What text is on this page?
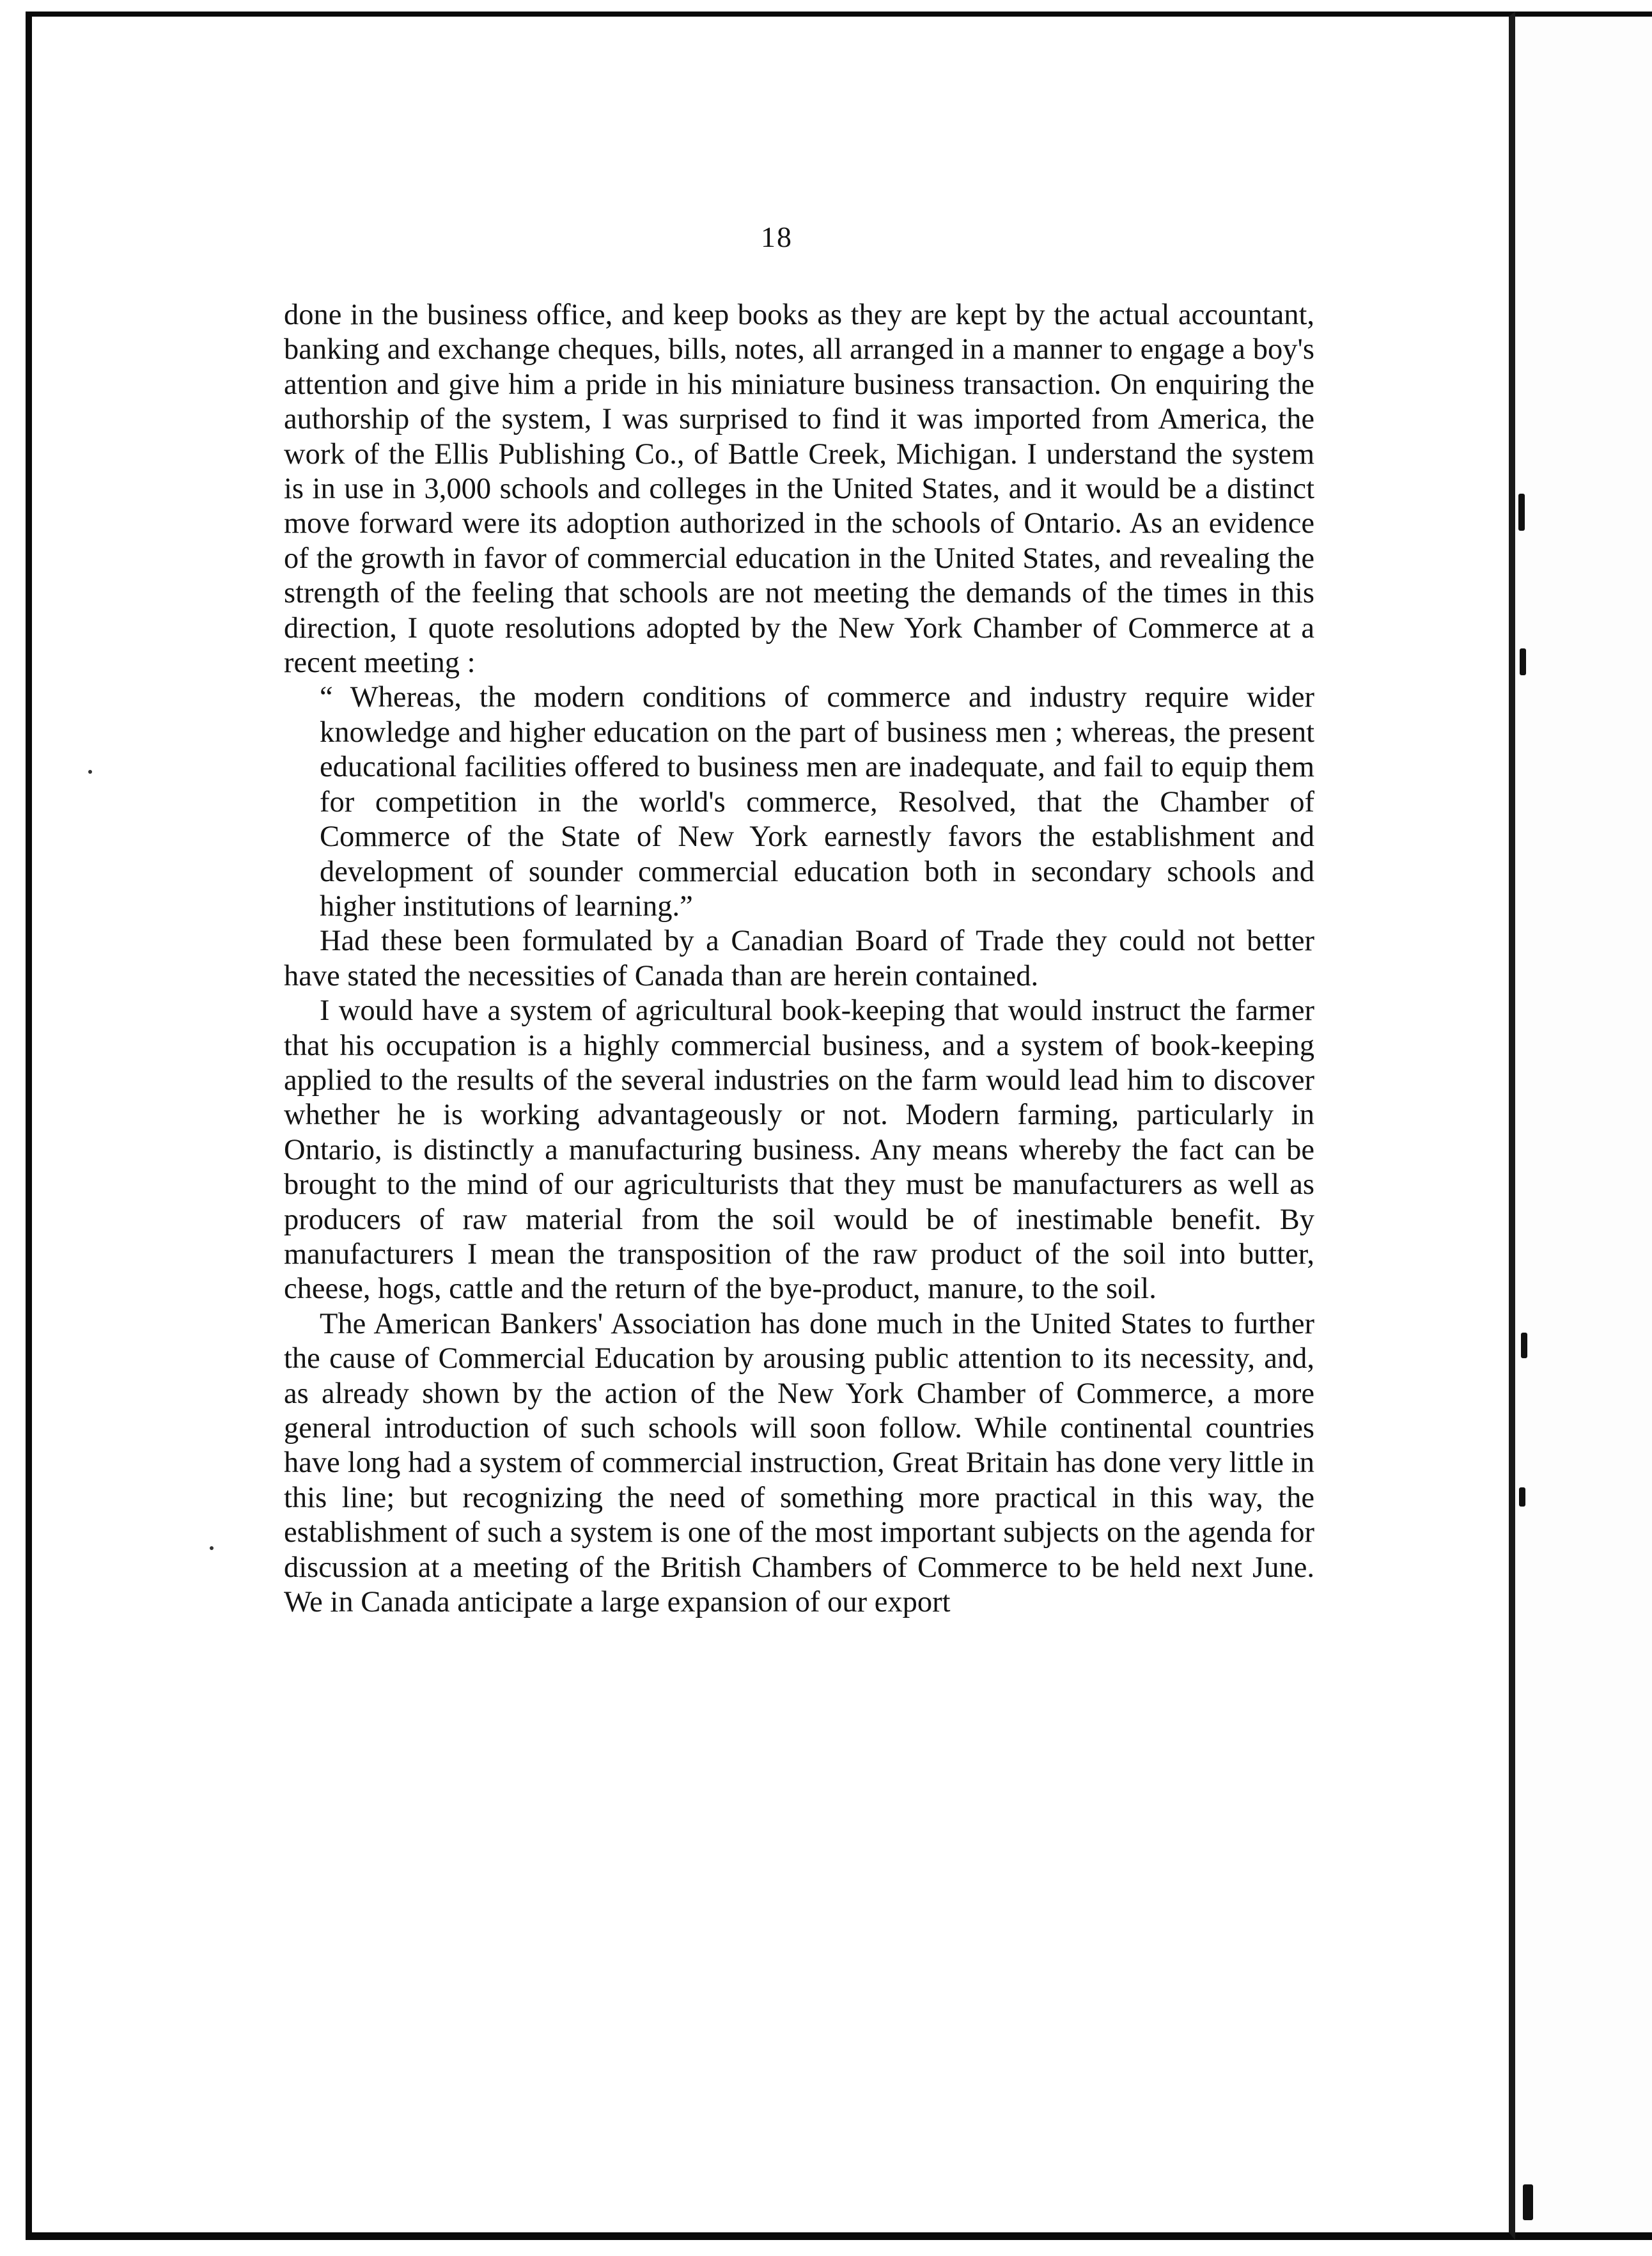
18

done in the business office, and keep books as they are kept by the actual accountant, banking and exchange cheques, bills, notes, all arranged in a manner to engage a boy's attention and give him a pride in his miniature business transaction. On enquiring the authorship of the system, I was surprised to find it was imported from America, the work of the Ellis Publishing Co., of Battle Creek, Michigan. I understand the system is in use in 3,000 schools and colleges in the United States, and it would be a distinct move forward were its adoption authorized in the schools of Ontario. As an evidence of the growth in favor of commercial education in the United States, and revealing the strength of the feeling that schools are not meeting the demands of the times in this direction, I quote resolutions adopted by the New York Chamber of Commerce at a recent meeting :

“ Whereas, the modern conditions of commerce and industry require wider knowledge and higher education on the part of business men ; whereas, the present educational facilities offered to business men are inadequate, and fail to equip them for competition in the world's commerce, Resolved, that the Chamber of Commerce of the State of New York earnestly favors the establishment and development of sounder commercial education both in secondary schools and higher institutions of learning.”

Had these been formulated by a Canadian Board of Trade they could not better have stated the necessities of Canada than are herein contained.

I would have a system of agricultural book-keeping that would instruct the farmer that his occupation is a highly commercial business, and a system of book-keeping applied to the results of the several industries on the farm would lead him to discover whether he is working advantageously or not. Modern farming, particularly in Ontario, is distinctly a manufacturing business. Any means whereby the fact can be brought to the mind of our agriculturists that they must be manufacturers as well as producers of raw material from the soil would be of inestimable benefit. By manufacturers I mean the transposition of the raw product of the soil into butter, cheese, hogs, cattle and the return of the bye-product, manure, to the soil.

The American Bankers' Association has done much in the United States to further the cause of Commercial Education by arousing public attention to its necessity, and, as already shown by the action of the New York Chamber of Commerce, a more general introduction of such schools will soon follow. While continental countries have long had a system of commercial instruction, Great Britain has done very little in this line; but recognizing the need of something more practical in this way, the establishment of such a system is one of the most important subjects on the agenda for discussion at a meeting of the British Chambers of Commerce to be held next June. We in Canada anticipate a large expansion of our export
